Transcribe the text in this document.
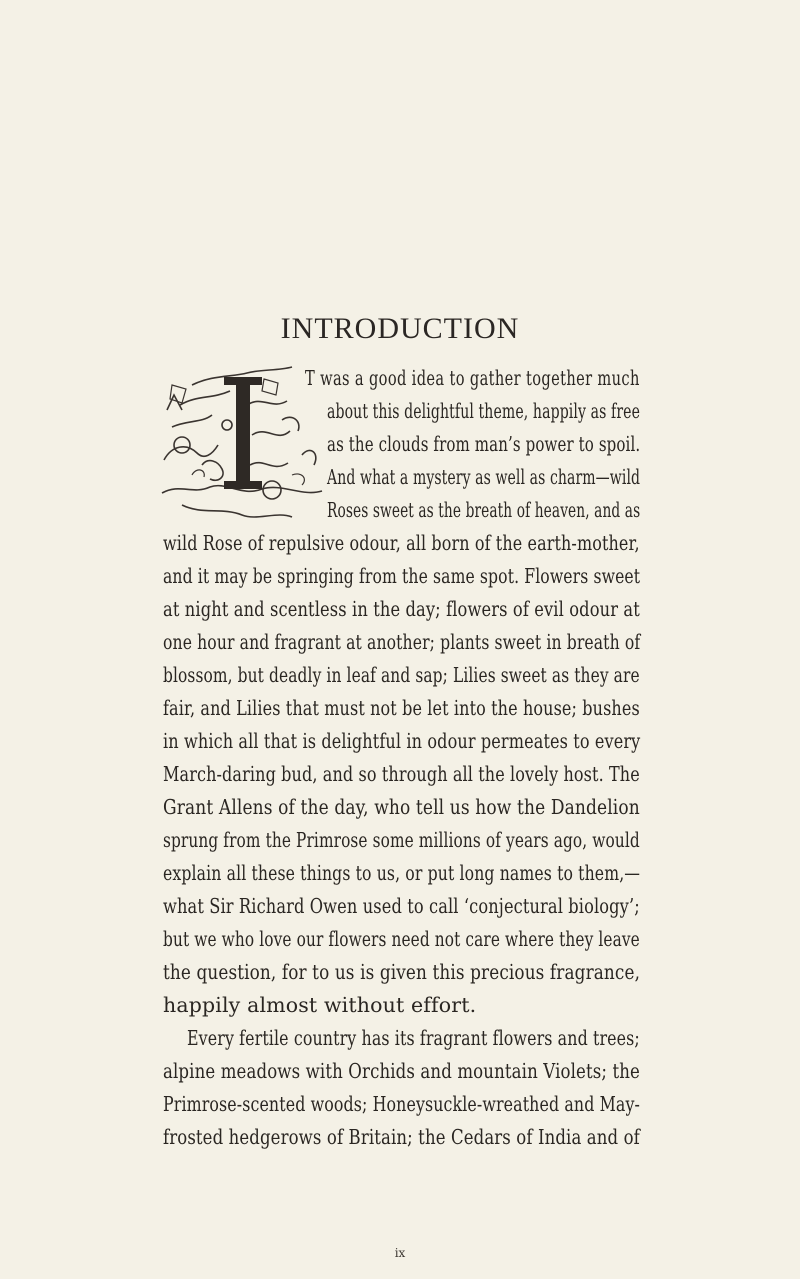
INTRODUCTION
T was a good idea to gather together much
about this delightful theme, happily as free
as the clouds from man’s power to spoil.
And what a mystery as well as charm—wild
Roses sweet as the breath of heaven, and as
wild Rose of repulsive odour, all born of the earth-mother,
and it may be springing from the same spot. Flowers sweet
at night and scentless in the day; flowers of evil odour at
one hour and fragrant at another; plants sweet in breath of
blossom, but deadly in leaf and sap; Lilies sweet as they are
fair, and Lilies that must not be let into the house; bushes
in which all that is delightful in odour permeates to every
March-daring bud, and so through all the lovely host. The
Grant Allens of the day, who tell us how the Dandelion
sprung from the Primrose some millions of years ago, would
explain all these things to us, or put long names to them,—
what Sir Richard Owen used to call ‘conjectural biology’;
but we who love our flowers need not care where they leave
the question, for to us is given this precious fragrance,
happily almost without effort.
Every fertile country has its fragrant flowers and trees;
alpine meadows with Orchids and mountain Violets; the
Primrose-scented woods; Honeysuckle-wreathed and May-
frosted hedgerows of Britain; the Cedars of India and of
ix
